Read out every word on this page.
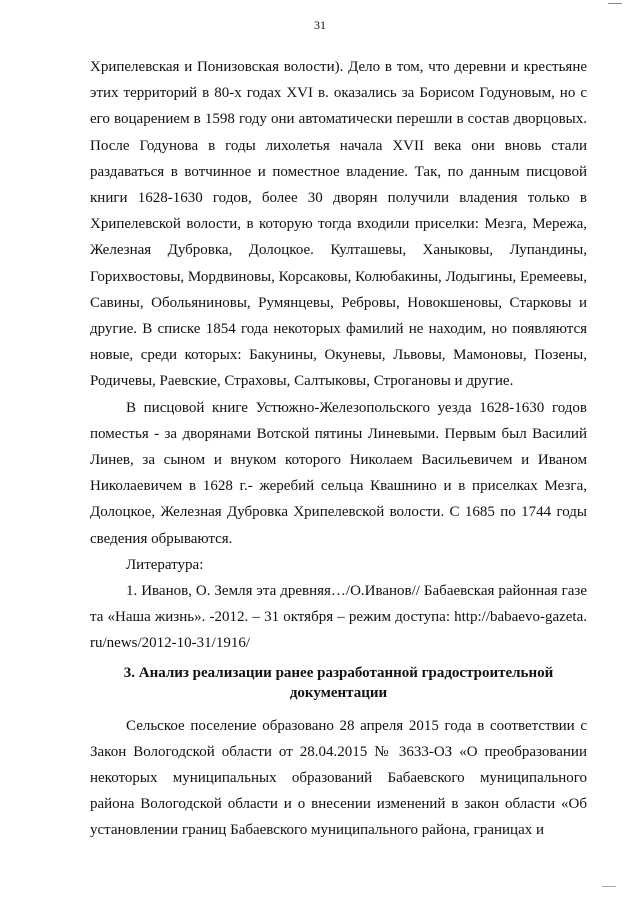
31

Хрипелевская и Понизовская волости). Дело в том, что деревни и крестьяне этих территорий в 80-х годах XVI в. оказались за Борисом Годуновым, но с его воцарением в 1598 году они автоматически перешли в состав дворцовых. После Годунова в годы лихолетья начала XVII века они вновь стали раздаваться в вотчинное и поместное владение. Так, по данным писцовой книги 1628-1630 годов, более 30 дворян получили владения только в Хрипелевской волости, в которую тогда входили приселки: Мезга, Мережа, Железная Дубровка, Долоцкое. Култашевы, Ханыковы, Лупандины, Горихвостовы, Мордвиновы, Корсаковы, Колюбакины, Лодыгины, Еремеевы, Савины, Обольяниновы, Румянцевы, Ребровы, Новокшеновы, Старковы и другие. В списке 1854 года некоторых фамилий не находим, но появляются новые, среди которых: Бакунины, Окуневы, Львовы, Мамоновы, Позены, Родичевы, Раевские, Страховы, Салтыковы, Строгановы и другие.

В писцовой книге Устюжно-Железопольского уезда 1628-1630 годов поместья - за дворянами Вотской пятины Линевыми. Первым был Василий Линев, за сыном и внуком которого Николаем Васильевичем и Иваном Николаевичем в 1628 г.- жеребий сельца Квашнино и в приселках Мезга, Долоцкое, Железная Дубровка Хрипелевской волости. С 1685 по 1744 годы сведения обрываются.

Литература:

1. Иванов, О. Земля эта древняя…/О.Иванов// Бабаевская районная газета «Наша жизнь». -2012. – 31 октября – режим доступа: http://babaevo-gazeta.ru/news/2012-10-31/1916/

3. Анализ реализации ранее разработанной градостроительной документации

Сельское поселение образовано 28 апреля 2015 года в соответствии с Закон Вологодской области от 28.04.2015 № 3633-ОЗ «О преобразовании некоторых муниципальных образований Бабаевского муниципального района Вологодской области и о внесении изменений в закон области «Об установлении границ Бабаевского муниципального района, границах и
